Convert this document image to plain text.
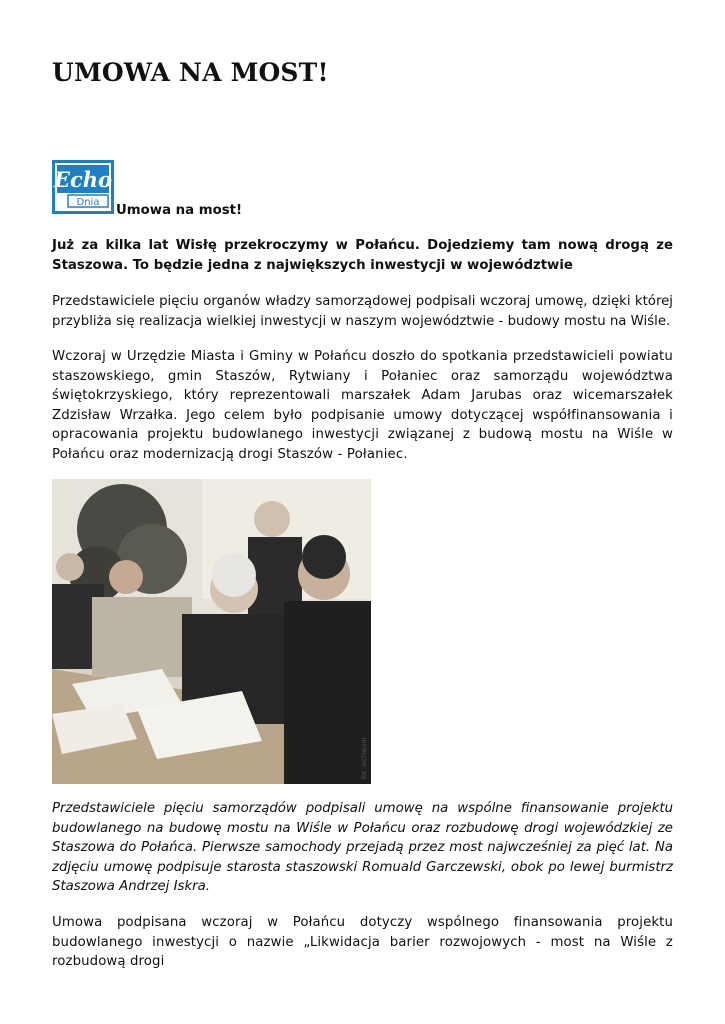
UMOWA NA MOST!
Echo
Dnia
Umowa na most!

Już za kilka lat Wisłę przekroczymy w Połańcu. Dojedziemy tam nową drogą ze Staszowa. To będzie jedna z największych inwestycji w województwie

Przedstawiciele pięciu organów władzy samorządowej podpisali wczoraj umowę, dzięki której przybliża się realizacja wielkiej inwestycji w naszym województwie - budowy mostu na Wiśle.

Wczoraj w Urzędzie Miasta i Gminy w Połańcu doszło do spotkania przedstawicieli powiatu staszowskiego, gmin Staszów, Rytwiany i Połaniec oraz samorządu województwa świętokrzyskiego, który reprezentowali marszałek Adam Jarubas oraz wicemarszałek Zdzisław Wrzałka. Jego celem było podpisanie umowy dotyczącej współfinansowania i opracowania projektu budowlanego inwestycji związanej z budową mostu na Wiśle w Połańcu oraz modernizacją drogi Staszów - Połaniec.

fot. archiwum

Przedstawiciele pięciu samorządów podpisali umowę na wspólne finansowanie projektu budowlanego na budowę mostu na Wiśle w Połańcu oraz rozbudowę drogi wojewódzkiej ze Staszowa do Połańca. Pierwsze samochody przejadą przez most najwcześniej za pięć lat. Na zdjęciu umowę podpisuje starosta staszowski Romuald Garczewski, obok po lewej burmistrz Staszowa Andrzej Iskra.

Umowa podpisana wczoraj w Połańcu dotyczy wspólnego finansowania projektu budowlanego inwestycji o nazwie „Likwidacja barier rozwojowych - most na Wiśle z rozbudową drogi
